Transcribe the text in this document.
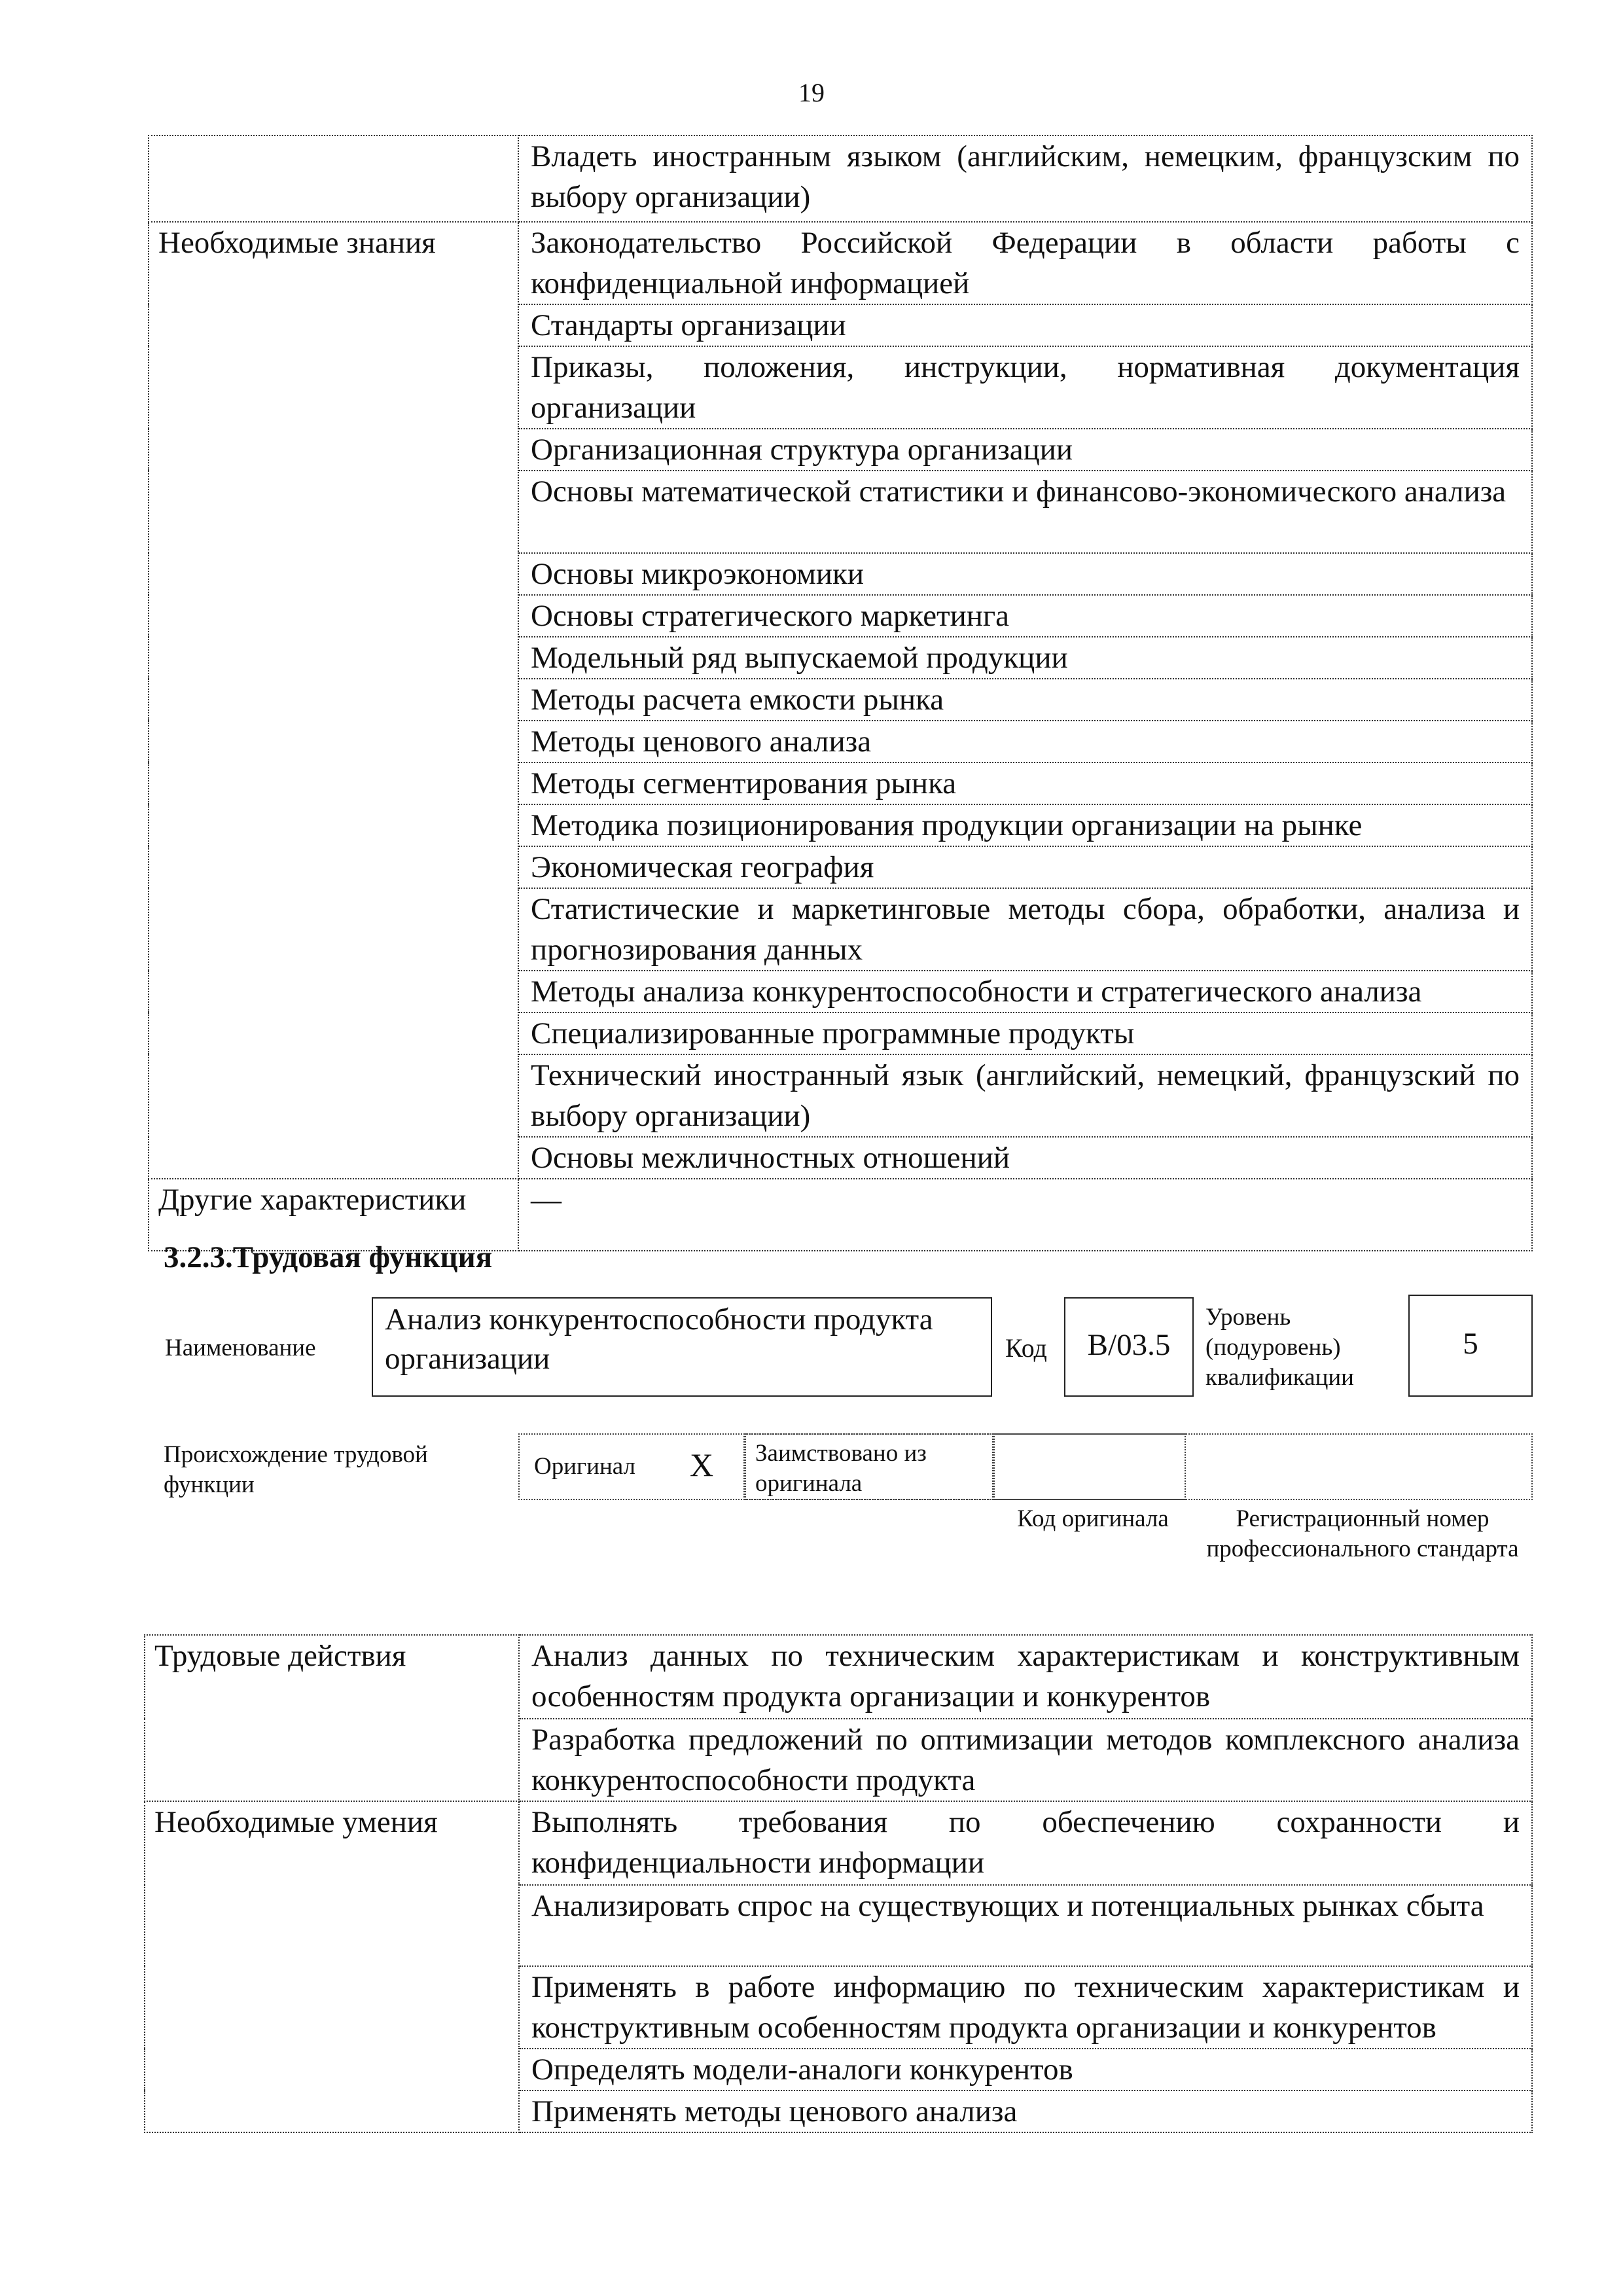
19
	Владеть иностранным языком (английским, немецким, французским по выбору организации)
Необходимые знания	Законодательство Российской Федерации в области работы с конфиденциальной информацией
	Стандарты организации
	Приказы, положения, инструкции, нормативная документация организации
	Организационная структура организации
	Основы математической статистики и финансово-экономического анализа
	Основы микроэкономики
	Основы стратегического маркетинга
	Модельный ряд выпускаемой продукции
	Методы расчета емкости рынка
	Методы ценового анализа
	Методы сегментирования рынка
	Методика позиционирования продукции организации на рынке
	Экономическая география
	Статистические и маркетинговые методы сбора, обработки, анализа и прогнозирования данных
	Методы анализа конкурентоспособности и стратегического анализа
	Специализированные программные продукты
	Технический иностранный язык (английский, немецкий, французский по выбору организации)
	Основы межличностных отношений
Другие характеристики	—
3.2.3.Трудовая функция
Наименование
Анализ конкурентоспособности продукта организации	Код	B/03.5
Уровень (подуровень) квалификации
5
Происхождение трудовой функции
Оригинал X Заимствовано из оригинала
Код оригинала	Регистрационный номер профессионального стандарта
Трудовые действия	Анализ данных по техническим характеристикам и конструктивным особенностям продукта организации и конкурентов
	Разработка предложений по оптимизации методов комплексного анализа конкурентоспособности продукта
Необходимые умения	Выполнять требования по обеспечению сохранности и конфиденциальности информации
	Анализировать спрос на существующих и потенциальных рынках сбыта
	Применять в работе информацию по техническим характеристикам и конструктивным особенностям продукта организации и конкурентов
	Определять модели-аналоги конкурентов
	Применять методы ценового анализа
